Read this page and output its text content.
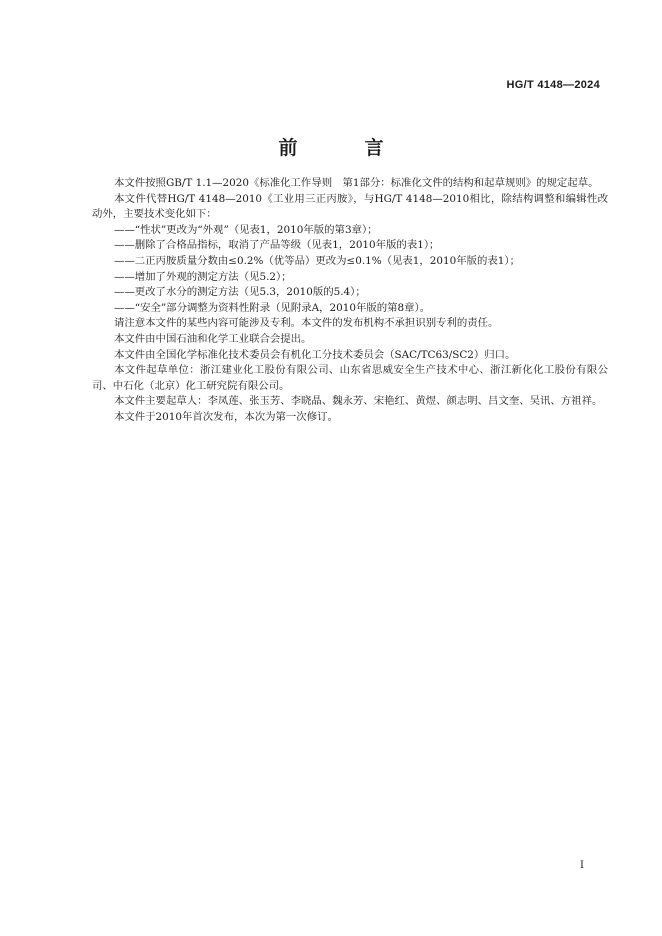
HG/T 4148—2024
前　言

本文件按照GB/T 1.1—2020《标准化工作导则　第1部分：标准化文件的结构和起草规则》的规定起草。

本文件代替HG/T 4148—2010《工业用三正丙胺》，与HG/T 4148—2010相比，除结构调整和编辑性改动外，主要技术变化如下：

——“性状”更改为“外观”（见表1，2010年版的第3章）；

——删除了合格品指标，取消了产品等级（见表1，2010年版的表1）；

——二正丙胺质量分数由≤0.2%（优等品）更改为≤0.1%（见表1，2010年版的表1）；

——增加了外观的测定方法（见5.2）；

——更改了水分的测定方法（见5.3，2010版的5.4）；

——“安全”部分调整为资料性附录（见附录A，2010年版的第8章）。

请注意本文件的某些内容可能涉及专利。本文件的发布机构不承担识别专利的责任。

本文件由中国石油和化学工业联合会提出。

本文件由全国化学标准化技术委员会有机化工分技术委员会（SAC/TC63/SC2）归口。

本文件起草单位：浙江建业化工股份有限公司、山东省思威安全生产技术中心、浙江新化化工股份有限公司、中石化（北京）化工研究院有限公司。

本文件主要起草人：李凤莲、张玉芳、李晓晶、魏永芳、宋艳红、黄煜、颜志明、吕文奎、吴讯、方祖祥。

本文件于2010年首次发布，本次为第一次修订。

I
